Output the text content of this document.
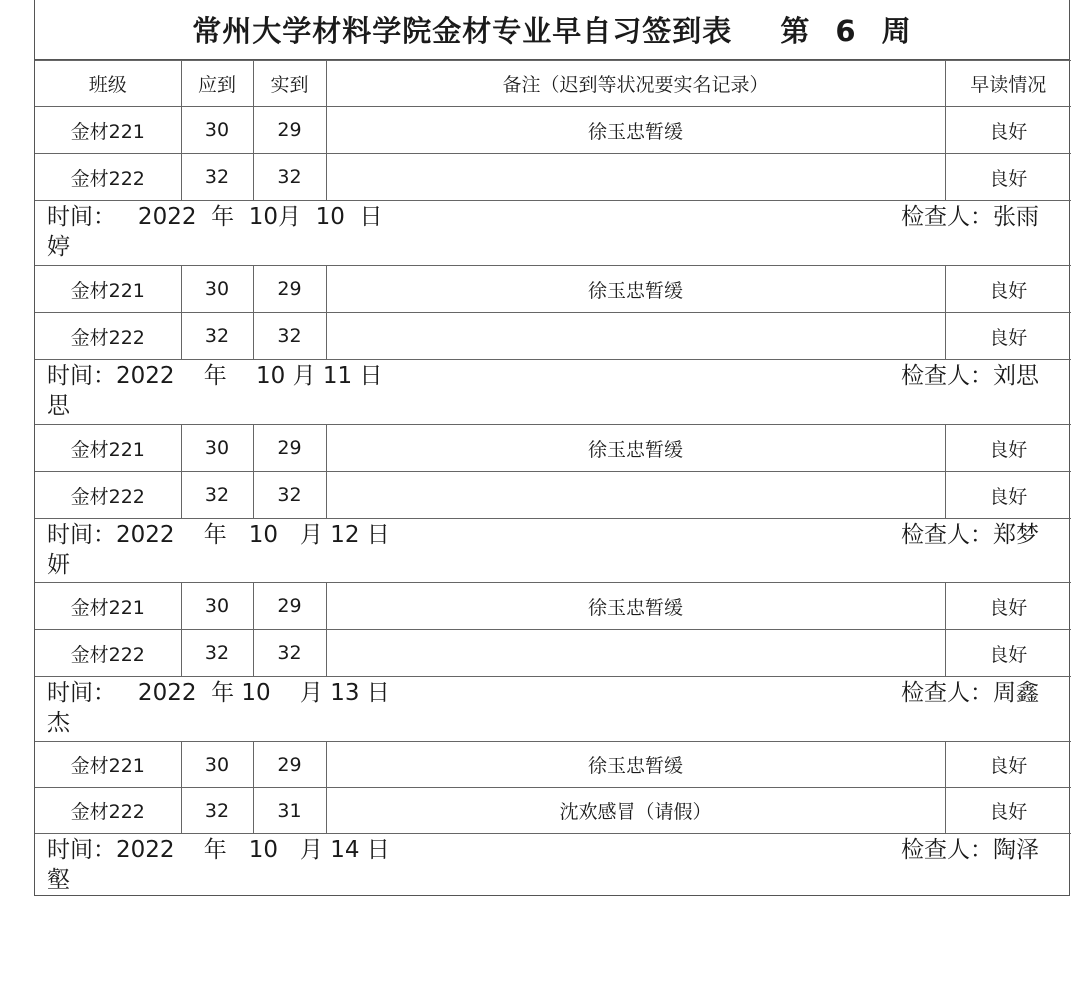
常州大学材料学院金材专业早自习签到表 第 6 周
班级	应到	实到	备注（迟到等状况要实名记录）	早读情况
金材221	30	29	徐玉忠暂缓	良好
金材222	32	32		良好

时间：   2022  年  10月  10  日

	检查人：张雨

婷

金材221	30	29	徐玉忠暂缓	良好
金材222	32	32		良好

时间：2022    年    10 月 11 日

	检查人：刘思

思

金材221	30	29	徐玉忠暂缓	良好
金材222	32	32		良好

时间：2022    年   10   月 12 日

	检查人：郑梦

妍

金材221	30	29	徐玉忠暂缓	良好
金材222	32	32		良好

时间：   2022  年 10    月 13 日

	检查人：周鑫

杰

金材221	30	29	徐玉忠暂缓	良好
金材222	32	31	沈欢感冒（请假）	良好

时间：2022    年   10   月 14 日

	检查人：陶泽

壑
